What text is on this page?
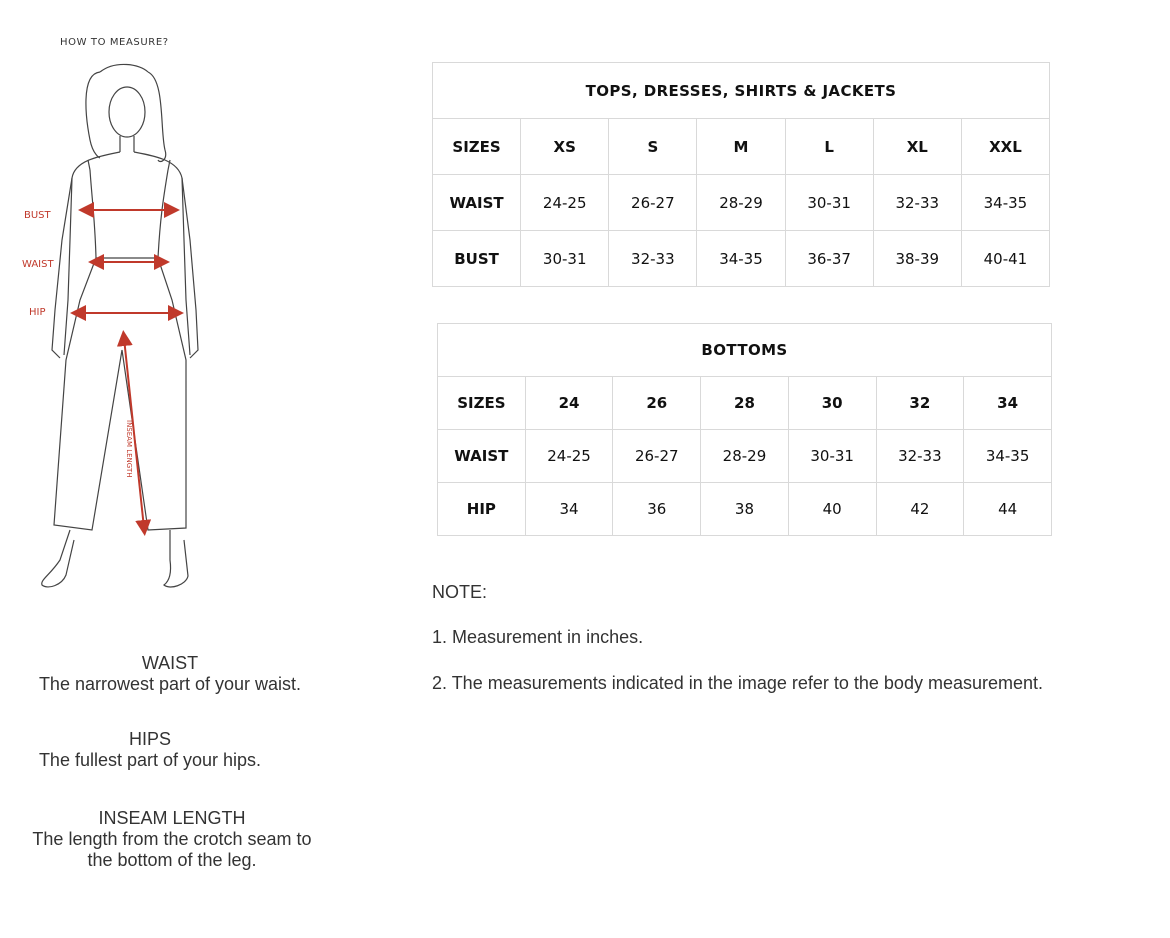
HOW TO MEASURE?
BUST
WAIST
HIP
INSEAM LENGTH
WAIST
The narrowest part of your waist.
HIPS
The fullest part of your hips.
INSEAM LENGTH
The length from the crotch seam to the bottom of the leg.
TOPS, DRESSES, SHIRTS & JACKETS						
SIZES	XS	S	M	L	XL	XXL
WAIST	24-25	26-27	28-29	30-31	32-33	34-35
BUST	30-31	32-33	34-35	36-37	38-39	40-41
BOTTOMS						
SIZES	24	26	28	30	32	34
WAIST	24-25	26-27	28-29	30-31	32-33	34-35
HIP	34	36	38	40	42	44
NOTE:
1. Measurement in inches.
2. The measurements indicated in the image refer to the body measurement.
